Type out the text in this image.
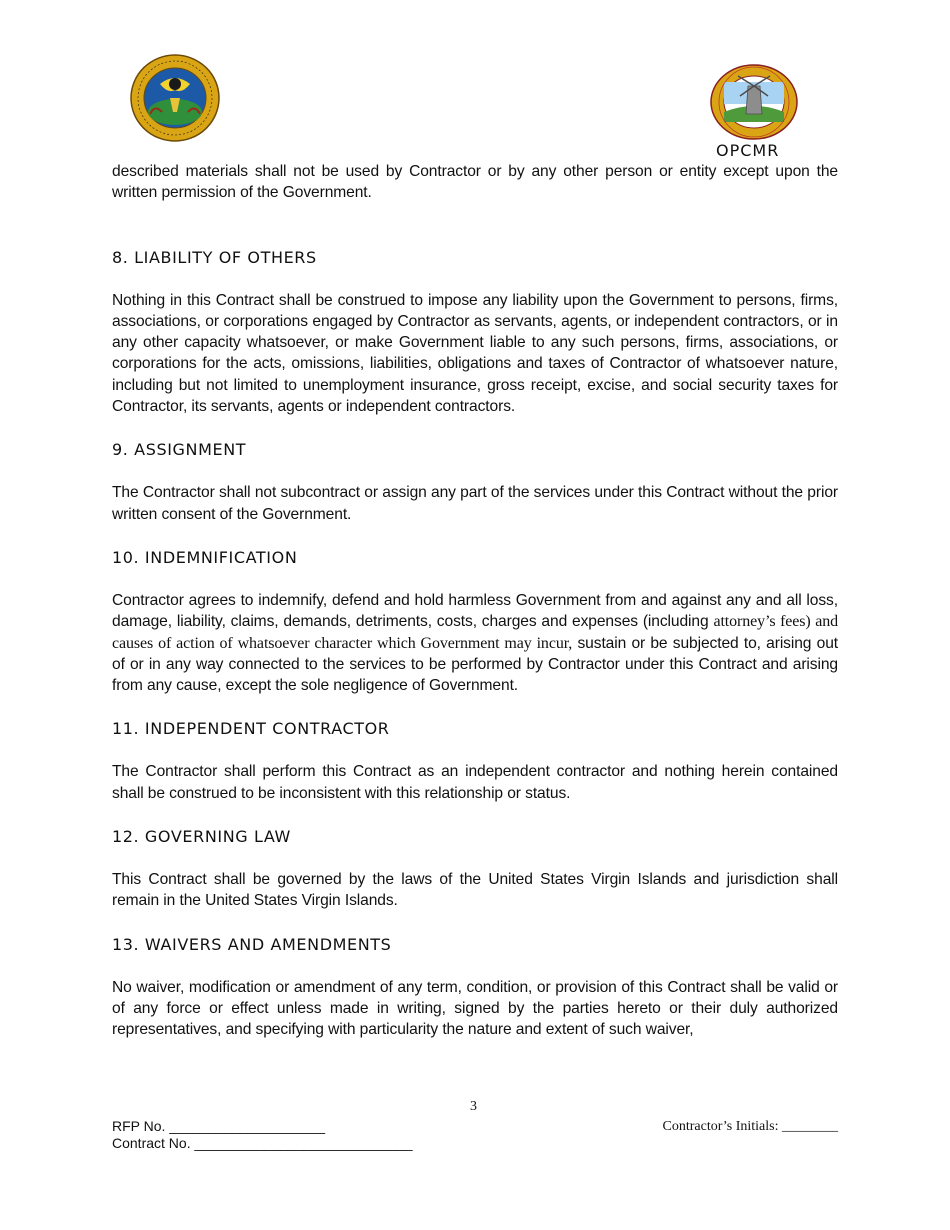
OPCMR

described materials shall not be used by Contractor or by any other person or entity except upon the written permission of the Government.

8. LIABILITY OF OTHERS

Nothing in this Contract shall be construed to impose any liability upon the Government to persons, firms, associations, or corporations engaged by Contractor as servants, agents, or independent contractors, or in any other capacity whatsoever, or make Government liable to any such persons, firms, associations, or corporations for the acts, omissions, liabilities, obligations and taxes of Contractor of whatsoever nature, including but not limited to unemployment insurance, gross receipt, excise, and social security taxes for Contractor, its servants, agents or independent contractors.

9. ASSIGNMENT

The Contractor shall not subcontract or assign any part of the services under this Contract without the prior written consent of the Government.

10. INDEMNIFICATION

Contractor agrees to indemnify, defend and hold harmless Government from and against any and all loss, damage, liability, claims, demands, detriments, costs, charges and expenses (including attorney’s fees) and causes of action of whatsoever character which Government may incur, sustain or be subjected to, arising out of or in any way connected to the services to be performed by Contractor under this Contract and arising from any cause, except the sole negligence of Government.

11. INDEPENDENT CONTRACTOR

The Contractor shall perform this Contract as an independent contractor and nothing herein contained shall be construed to be inconsistent with this relationship or status.

12. GOVERNING LAW

This Contract shall be governed by the laws of the United States Virgin Islands and jurisdiction shall remain in the United States Virgin Islands.

13. WAIVERS AND AMENDMENTS

No waiver, modification or amendment of any term, condition, or provision of this Contract shall be valid or of any force or effect unless made in writing, signed by the parties hereto or their duly authorized representatives, and specifying with particularity the nature and extent of such waiver,

3
RFP No. ____________________
Contract No. ____________________________
Contractor’s Initials: ________
